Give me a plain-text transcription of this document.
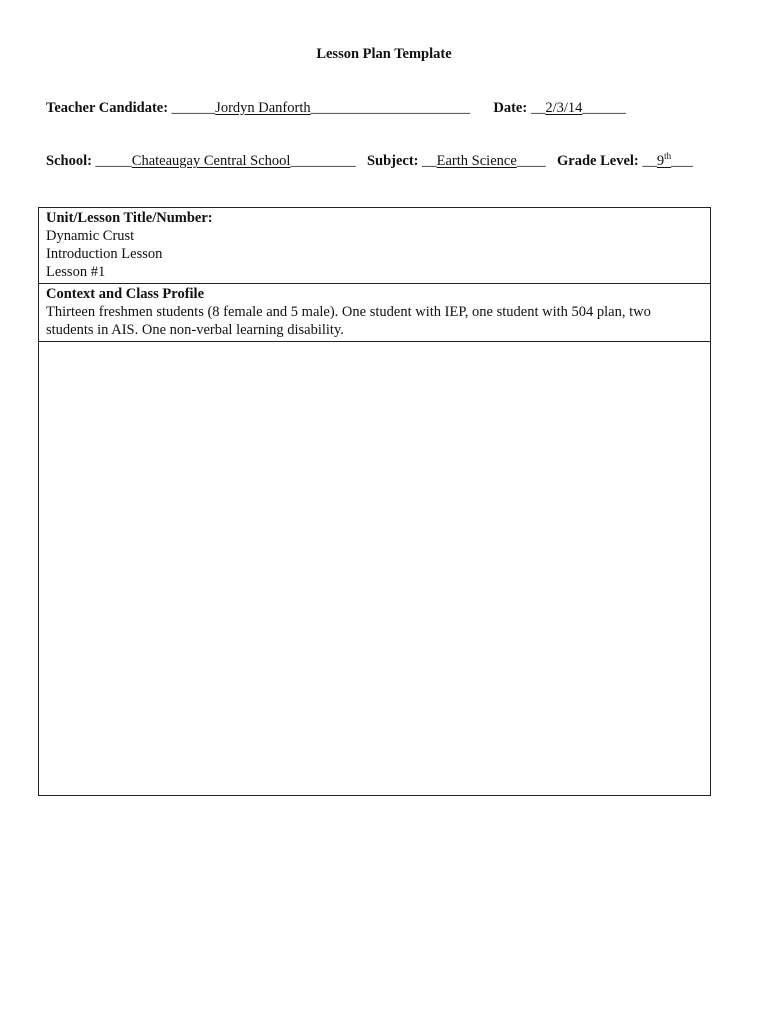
Lesson Plan Template
Teacher Candidate: ______Jordyn Danforth______________________ Date: __2/3/14______
School: _____Chateaugay Central School_________ Subject: __Earth Science____ Grade Level: __9th___
Unit/Lesson Title/Number:
Dynamic Crust
Introduction Lesson
Lesson #1
Context and Class Profile
Thirteen freshmen students (8 female and 5 male). One student with IEP, one student with 504 plan, two
students in AIS. One non-verbal learning disability.
